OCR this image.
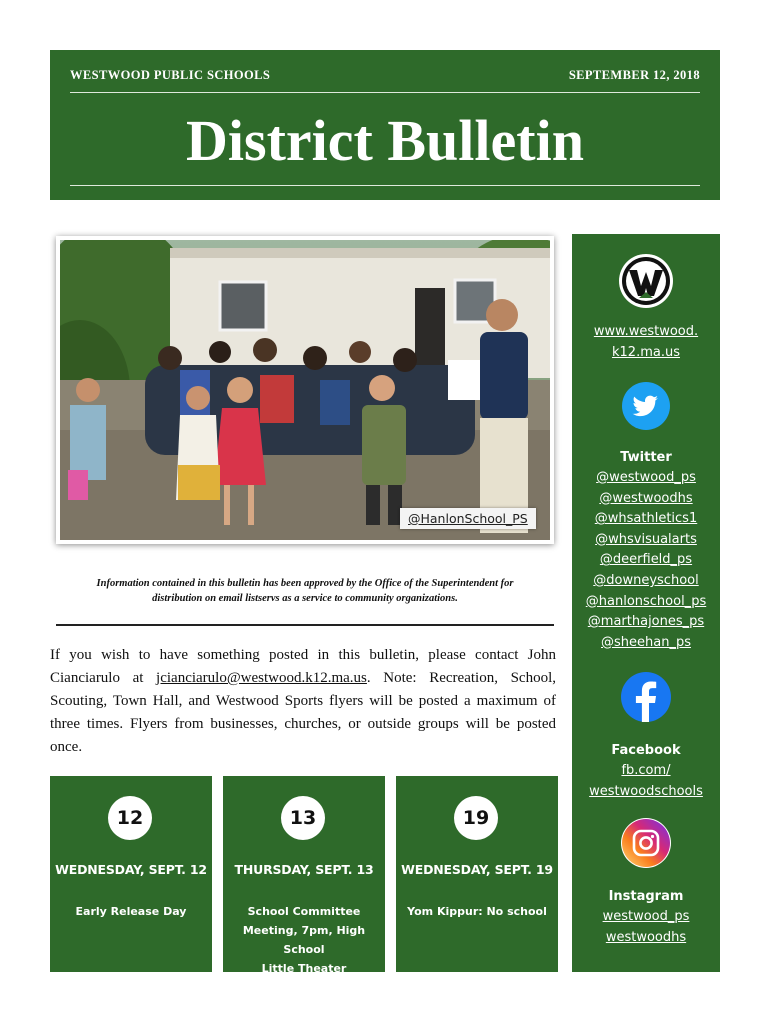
WESTWOOD PUBLIC SCHOOLS	SEPTEMBER 12, 2018
District Bulletin
@HanlonSchool_PS
Information contained in this bulletin has been approved by the Office of the Superintendent for
distribution on email listservs as a service to community organizations.
If you wish to have something posted in this bulletin, please contact John Cianciarulo at jcianciarulo@westwood.k12.ma.us. Note: Recreation, School, Scouting, Town Hall, and Westwood Sports flyers will be posted a maximum of three times. Flyers from businesses, churches, or outside groups will be posted once.
12
WEDNESDAY, SEPT. 12
Early Release Day
13
THURSDAY, SEPT. 13
School Committee
Meeting, 7pm, High School
Little Theater
19
WEDNESDAY, SEPT. 19
Yom Kippur: No school
www.westwood.
k12.ma.us
Twitter
@westwood_ps
@westwoodhs
@whsathletics1
@whsvisualarts
@deerfield_ps
@downeyschool
@hanlonschool_ps
@marthajones_ps
@sheehan_ps
Facebook
fb.com/
westwoodschools
Instagram
westwood_ps
westwoodhs
